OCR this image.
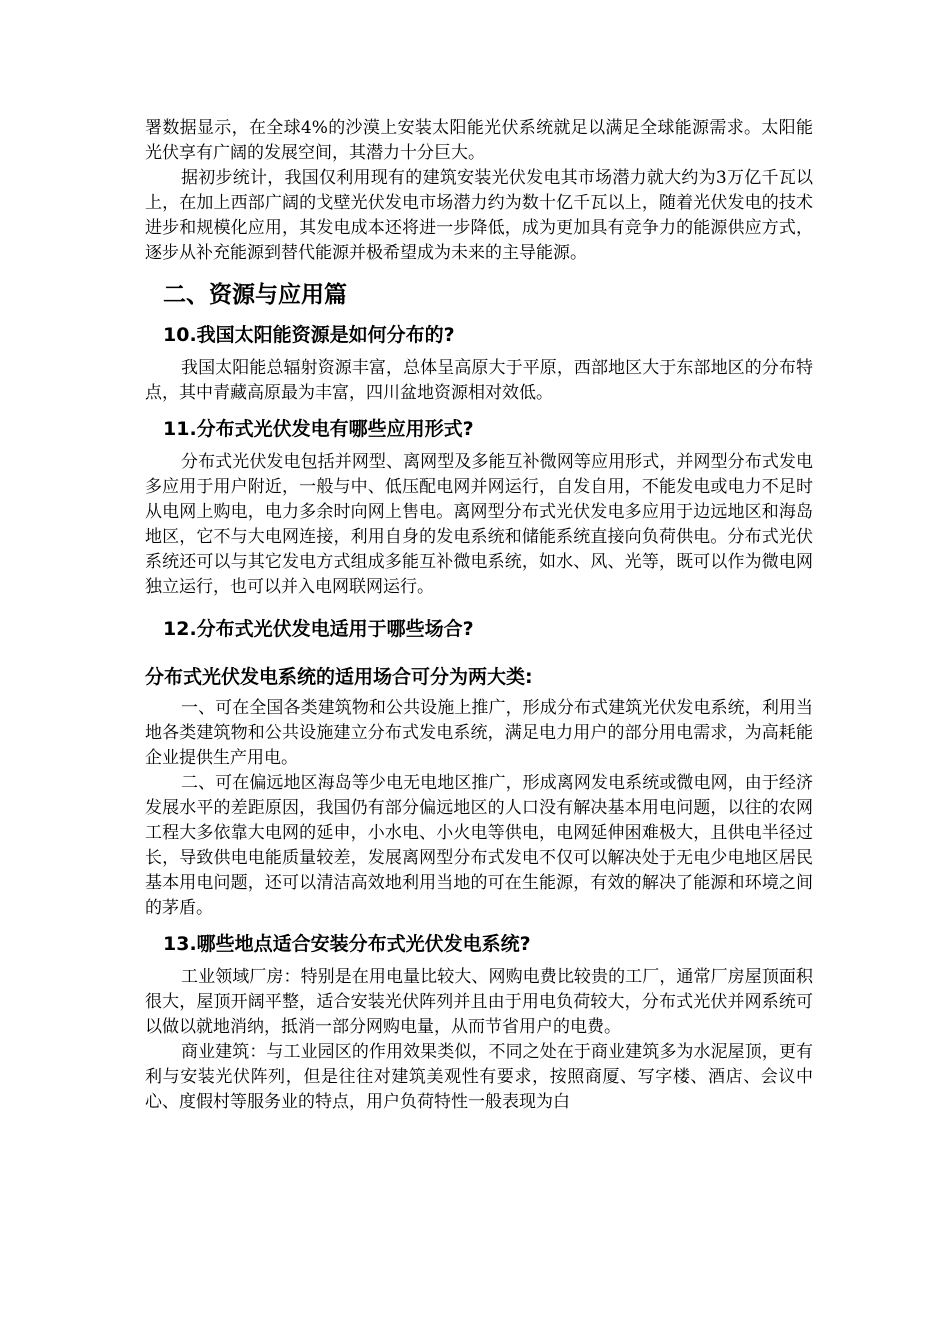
署数据显示，在全球4%的沙漠上安装太阳能光伏系统就足以满足全球能源需求。太阳能光伏享有广阔的发展空间，其潜力十分巨大。

据初步统计，我国仅利用现有的建筑安装光伏发电其市场潜力就大约为3万亿千瓦以上，在加上西部广阔的戈壁光伏发电市场潜力约为数十亿千瓦以上，随着光伏发电的技术进步和规模化应用，其发电成本还将进一步降低，成为更加具有竞争力的能源供应方式，逐步从补充能源到替代能源并极希望成为未来的主导能源。

二、资源与应用篇
10.我国太阳能资源是如何分布的?

我国太阳能总辐射资源丰富，总体呈高原大于平原，西部地区大于东部地区的分布特点，其中青藏高原最为丰富，四川盆地资源相对效低。

11.分布式光伏发电有哪些应用形式?

分布式光伏发电包括并网型、离网型及多能互补微网等应用形式，并网型分布式发电多应用于用户附近，一般与中、低压配电网并网运行，自发自用，不能发电或电力不足时从电网上购电，电力多余时向网上售电。离网型分布式光伏发电多应用于边远地区和海岛地区，它不与大电网连接，利用自身的发电系统和储能系统直接向负荷供电。分布式光伏系统还可以与其它发电方式组成多能互补微电系统，如水、风、光等，既可以作为微电网独立运行，也可以并入电网联网运行。

12.分布式光伏发电适用于哪些场合?
分布式光伏发电系统的适用场合可分为两大类:

一、可在全国各类建筑物和公共设施上推广，形成分布式建筑光伏发电系统，利用当地各类建筑物和公共设施建立分布式发电系统，满足电力用户的部分用电需求，为高耗能企业提供生产用电。

二、可在偏远地区海岛等少电无电地区推广，形成离网发电系统或微电网，由于经济发展水平的差距原因，我国仍有部分偏远地区的人口没有解决基本用电问题，以往的农网工程大多依靠大电网的延申，小水电、小火电等供电，电网延伸困难极大，且供电半径过长，导致供电电能质量较差，发展离网型分布式发电不仅可以解决处于无电少电地区居民基本用电问题，还可以清洁高效地利用当地的可在生能源，有效的解决了能源和环境之间的茅盾。

13.哪些地点适合安装分布式光伏发电系统?

工业领域厂房：特别是在用电量比较大、网购电费比较贵的工厂，通常厂房屋顶面积很大，屋顶开阔平整，适合安装光伏阵列并且由于用电负荷较大，分布式光伏并网系统可以做以就地消纳，抵消一部分网购电量，从而节省用户的电费。

商业建筑：与工业园区的作用效果类似，不同之处在于商业建筑多为水泥屋顶，更有利与安装光伏阵列，但是往往对建筑美观性有要求，按照商厦、写字楼、酒店、会议中心、度假村等服务业的特点，用户负荷特性一般表现为白
